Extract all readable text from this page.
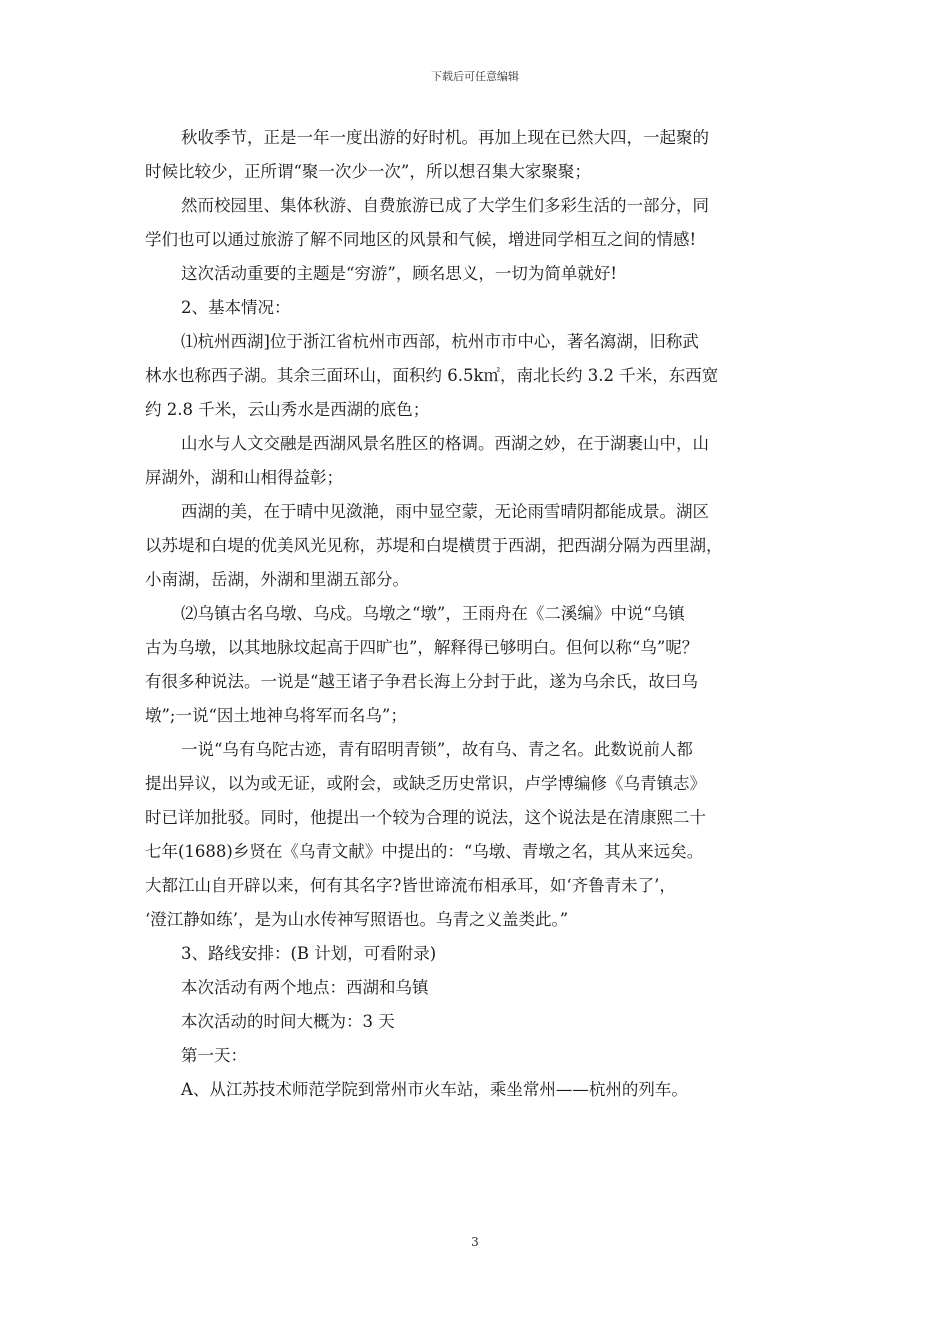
下载后可任意编辑
秋收季节，正是一年一度出游的好时机。再加上现在已然大四，一起聚的
时候比较少，正所谓“聚一次少一次”，所以想召集大家聚聚；
然而校园里、集体秋游、自费旅游已成了大学生们多彩生活的一部分，同
学们也可以通过旅游了解不同地区的风景和气候，增进同学相互之间的情感!
这次活动重要的主题是“穷游”，顾名思义，一切为简单就好!
2、基本情况：
⑴杭州西湖]位于浙江省杭州市西部，杭州市市中心，著名瀉湖，旧称武
林水也称西子湖。其余三面环山，面积约 6.5k㎡，南北长约 3.2 千米，东西宽
约 2.8 千米，云山秀水是西湖的底色；
山水与人文交融是西湖风景名胜区的格调。西湖之妙，在于湖裹山中，山
屏湖外，湖和山相得益彰；
西湖的美，在于晴中见潋滟，雨中显空蒙，无论雨雪晴阴都能成景。湖区
以苏堤和白堤的优美风光见称，苏堤和白堤横贯于西湖，把西湖分隔为西里湖，
小南湖，岳湖，外湖和里湖五部分。
⑵乌镇古名乌墩、乌戍。乌墩之“墩”，王雨舟在《二溪编》中说“乌镇
古为乌墩，以其地脉坟起高于四旷也”，解释得已够明白。但何以称“乌”呢？
有很多种说法。一说是“越王诸子争君长海上分封于此，遂为乌余氏，故曰乌
墩”;一说“因土地神乌将军而名乌”；
一说“乌有乌陀古迹，青有昭明青锁”，故有乌、青之名。此数说前人都
提出异议，以为或无证，或附会，或缺乏历史常识，卢学博编修《乌青镇志》
时已详加批驳。同时，他提出一个较为合理的说法，这个说法是在清康熙二十
七年(1688)乡贤在《乌青文献》中提出的：“乌墩、青墩之名，其从来远矣。
大都江山自开辟以来，何有其名字?皆世谛流布相承耳，如‘齐鲁青未了’，
‘澄江静如练’，是为山水传神写照语也。乌青之义盖类此。”
3、路线安排：(B 计划，可看附录)
本次活动有两个地点：西湖和乌镇
本次活动的时间大概为：3 天
第一天：
A、从江苏技术师范学院到常州市火车站，乘坐常州——杭州的列车。
3
